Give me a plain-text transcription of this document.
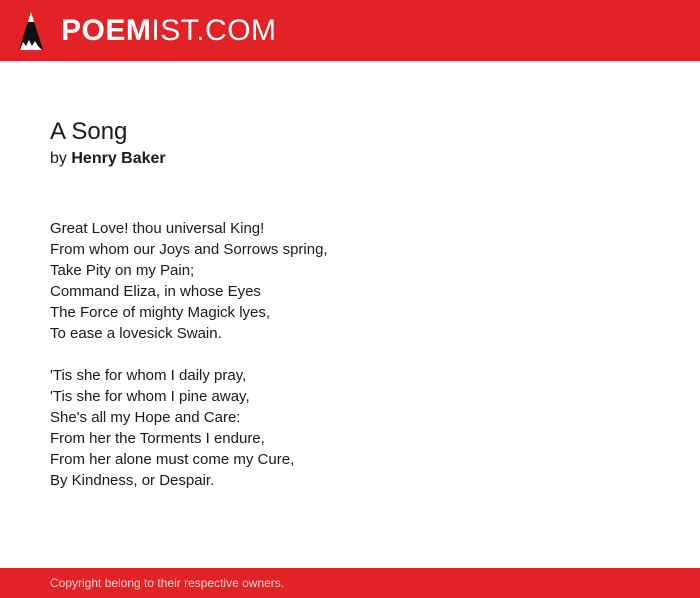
POEMIST.COM
A Song
by Henry Baker
Great Love! thou universal King!
From whom our Joys and Sorrows spring,
Take Pity on my Pain;
Command Eliza, in whose Eyes
The Force of mighty Magick lyes,
To ease a lovesick Swain.
'Tis she for whom I daily pray,
'Tis she for whom I pine away,
She's all my Hope and Care:
From her the Torments I endure,
From her alone must come my Cure,
By Kindness, or Despair.
Copyright belong to their respective owners.
